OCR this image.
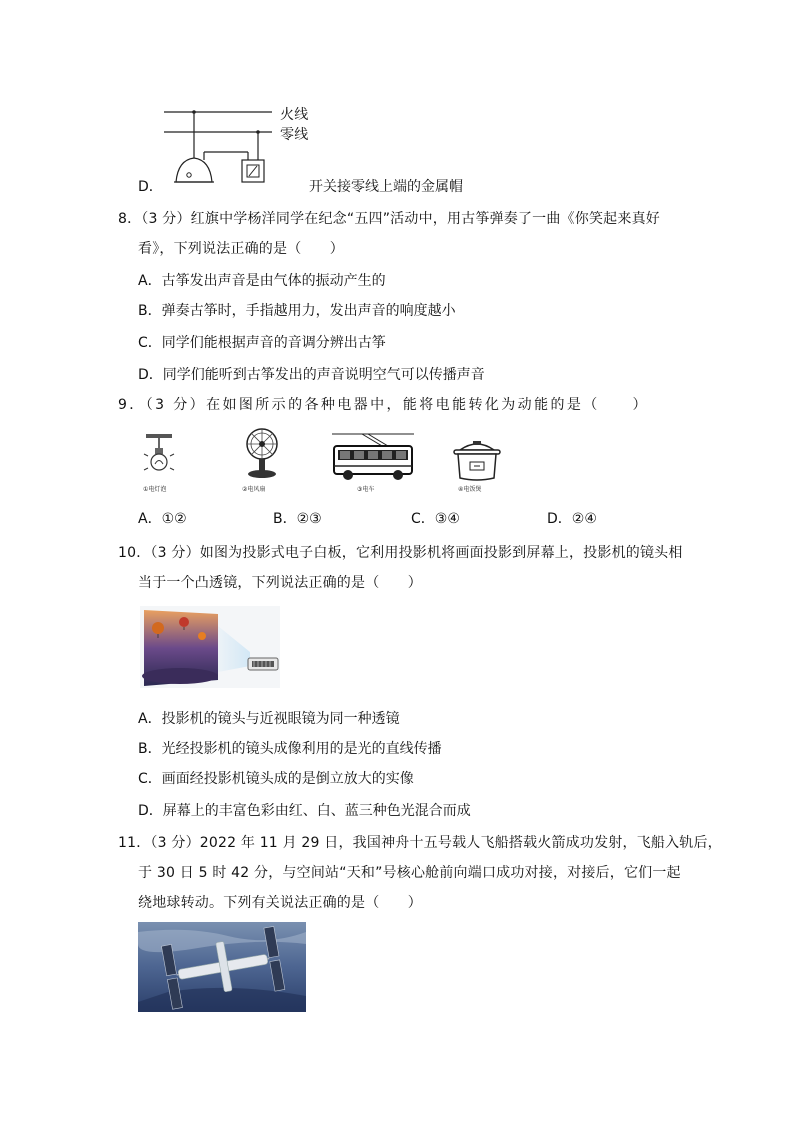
火线
零线
D．	开关接零线上端的金属帽
8．（3 分）红旗中学杨洋同学在纪念“五四”活动中，用古筝弹奏了一曲《你笑起来真好
看》，下列说法正确的是（　　）
A．古筝发出声音是由气体的振动产生的
B．弹奏古筝时，手指越用力，发出声音的响度越小
C．同学们能根据声音的音调分辨出古筝
D．同学们能听到古筝发出的声音说明空气可以传播声音
9．（3 分）在如图所示的各种电器中，能将电能转化为动能的是（　　）
①电灯泡	②电风扇	③电车	④电饭煲
A．①②	B．②③	C．③④	D．②④
10．（3 分）如图为投影式电子白板，它利用投影机将画面投影到屏幕上，投影机的镜头相
当于一个凸透镜，下列说法正确的是（　　）
A．投影机的镜头与近视眼镜为同一种透镜
B．光经投影机的镜头成像利用的是光的直线传播
C．画面经投影机镜头成的是倒立放大的实像
D．屏幕上的丰富色彩由红、白、蓝三种色光混合而成
11．（3 分）2022 年 11 月 29 日，我国神舟十五号载人飞船搭载火箭成功发射，飞船入轨后，
于 30 日 5 时 42 分，与空间站“天和”号核心舱前向端口成功对接，对接后，它们一起
绕地球转动。下列有关说法正确的是（　　）
